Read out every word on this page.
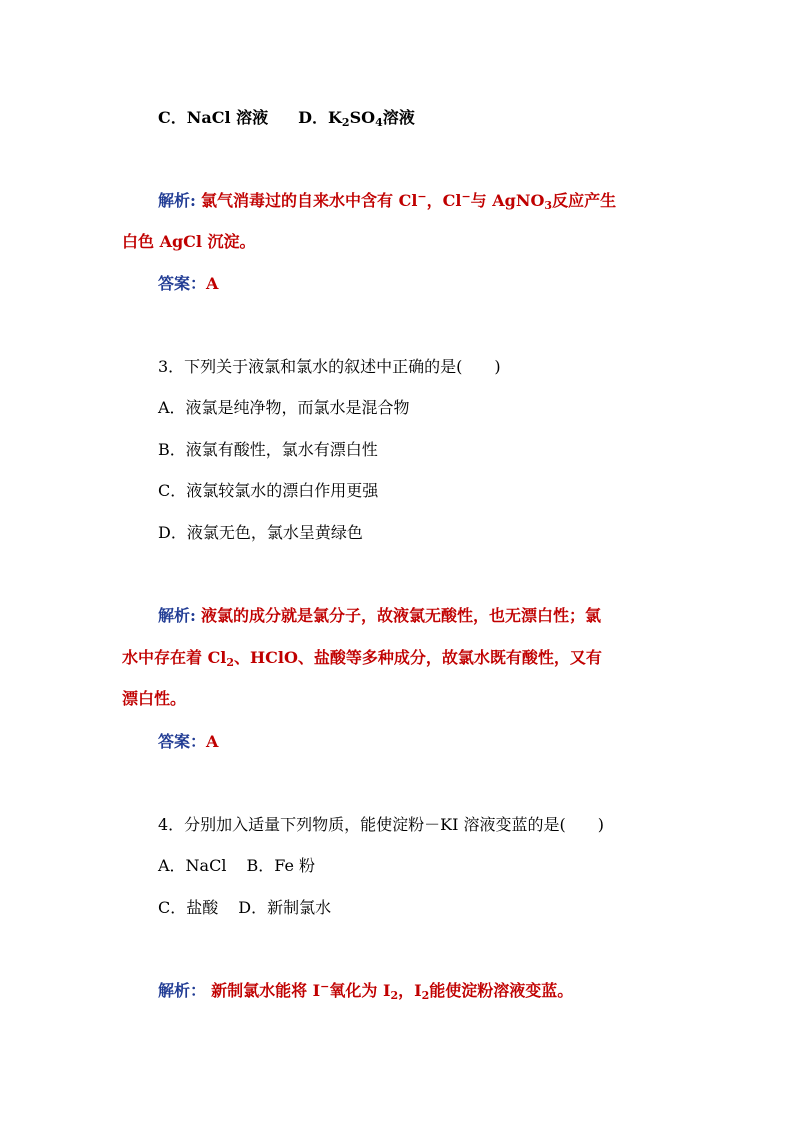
C．NaCl 溶液 D．$K_2SO_4$溶液
解析: 氯气消毒过的自来水中含有 Cl−，Cl−与 AgNO$_3$反应产生
白色 AgCl 沉淀。
答案：A
3．下列关于液氯和氯水的叙述中正确的是(　　)
A．液氯是纯净物，而氯水是混合物
B．液氯有酸性，氯水有漂白性
C．液氯较氯水的漂白作用更强
D．液氯无色，氯水呈黄绿色
解析: 液氯的成分就是氯分子，故液氯无酸性，也无漂白性；氯
水中存在着 $Cl_2$、HClO、盐酸等多种成分，故氯水既有酸性，又有
漂白性。
答案：A
4．分别加入适量下列物质，能使淀粉－KI 溶液变蓝的是(　　)
A．NaCl B．Fe 粉
C．盐酸 D．新制氯水
解析： 新制氯水能将 I−氧化为 $I_2$，$I_2$能使淀粉溶液变蓝。
